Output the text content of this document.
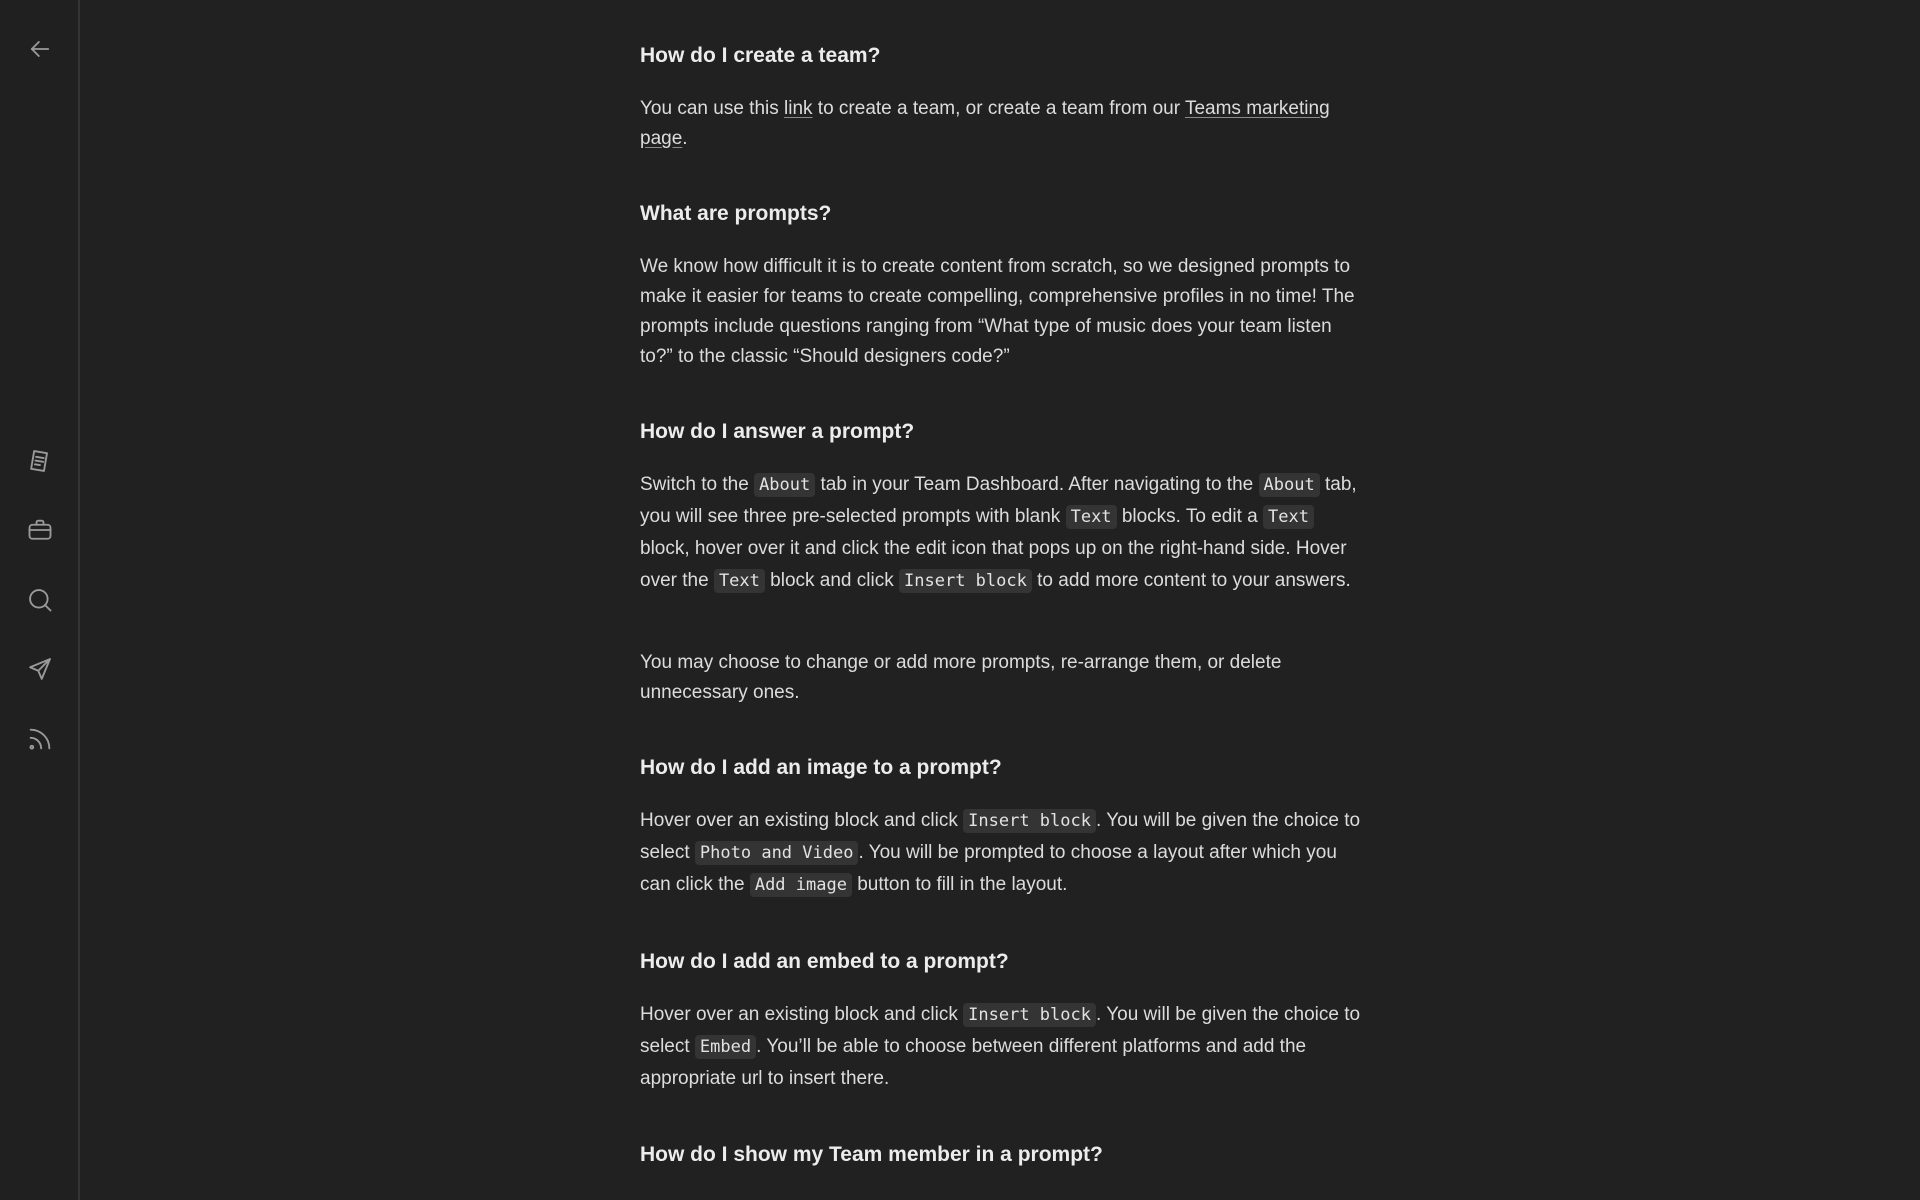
How do I create a team?

You can use this link to create a team, or create a team from our Teams marketing page.

What are prompts?

We know how difficult it is to create content from scratch, so we designed prompts to make it easier for teams to create compelling, comprehensive profiles in no time! The prompts include questions ranging from “What type of music does your team listen to?” to the classic “Should designers code?”

How do I answer a prompt?

Switch to the About tab in your Team Dashboard. After navigating to the About tab, you will see three pre-selected prompts with blank Text blocks. To edit a Text block, hover over it and click the edit icon that pops up on the right-hand side. Hover over the Text block and click Insert block to add more content to your answers.

You may choose to change or add more prompts, re-arrange them, or delete unnecessary ones.

How do I add an image to a prompt?

Hover over an existing block and click Insert block . You will be given the choice to select Photo and Video . You will be prompted to choose a layout after which you can click the Add image button to fill in the layout.

How do I add an embed to a prompt?

Hover over an existing block and click Insert block . You will be given the choice to select Embed . You’ll be able to choose between different platforms and add the appropriate url to insert there.

How do I show my Team member in a prompt?
